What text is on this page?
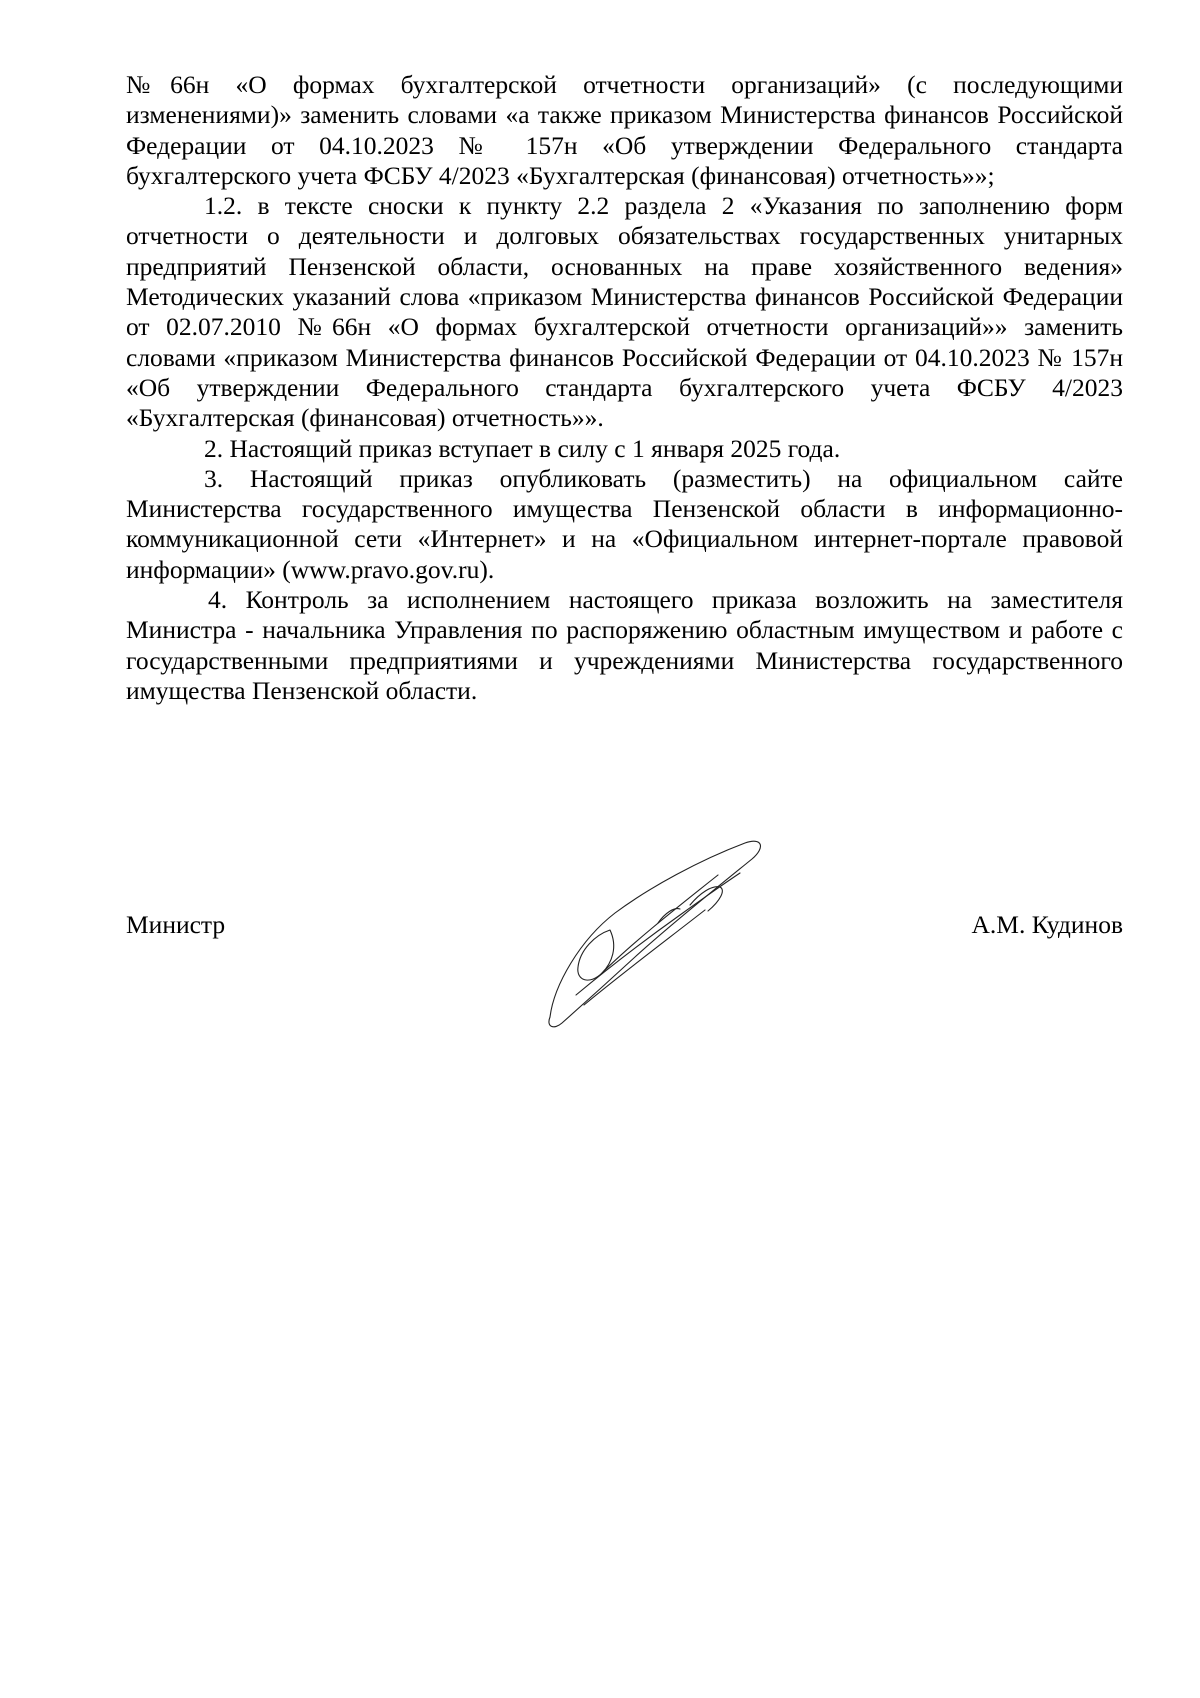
№66н «О формах бухгалтерской отчетности организаций» (с последующими изменениями)» заменить словами «а также приказом Министерства финансов Российской Федерации от 04.10.2023 № 157н «Об утверждении Федерального стандарта бухгалтерского учета ФСБУ 4/2023 «Бухгалтерская (финансовая) отчетность»»;

1.2. в тексте сноски к пункту 2.2 раздела 2 «Указания по заполнению форм отчетности о деятельности и долговых обязательствах государственных унитарных предприятий Пензенской области, основанных на праве хозяйственного ведения» Методических указаний слова «приказом Министерства финансов Российской Федерации от 02.07.2010 №66н «О формах бухгалтерской отчетности организаций»» заменить словами «приказом Министерства финансов Российской Федерации от 04.10.2023 № 157н «Об утверждении Федерального стандарта бухгалтерского учета ФСБУ 4/2023 «Бухгалтерская (финансовая) отчетность»».

2. Настоящий приказ вступает в силу с 1 января 2025 года.

3. Настоящий приказ опубликовать (разместить) на официальном сайте Министерства государственного имущества Пензенской области в информационно-коммуникационной сети «Интернет» и на «Официальном интернет-портале правовой информации» (www.pravo.gov.ru).

4. Контроль за исполнением настоящего приказа возложить на заместителя Министра - начальника Управления по распоряжению областным имуществом и работе с государственными предприятиями и учреждениями Министерства государственного имущества Пензенской области.

Министр	А.М. Кудинов
